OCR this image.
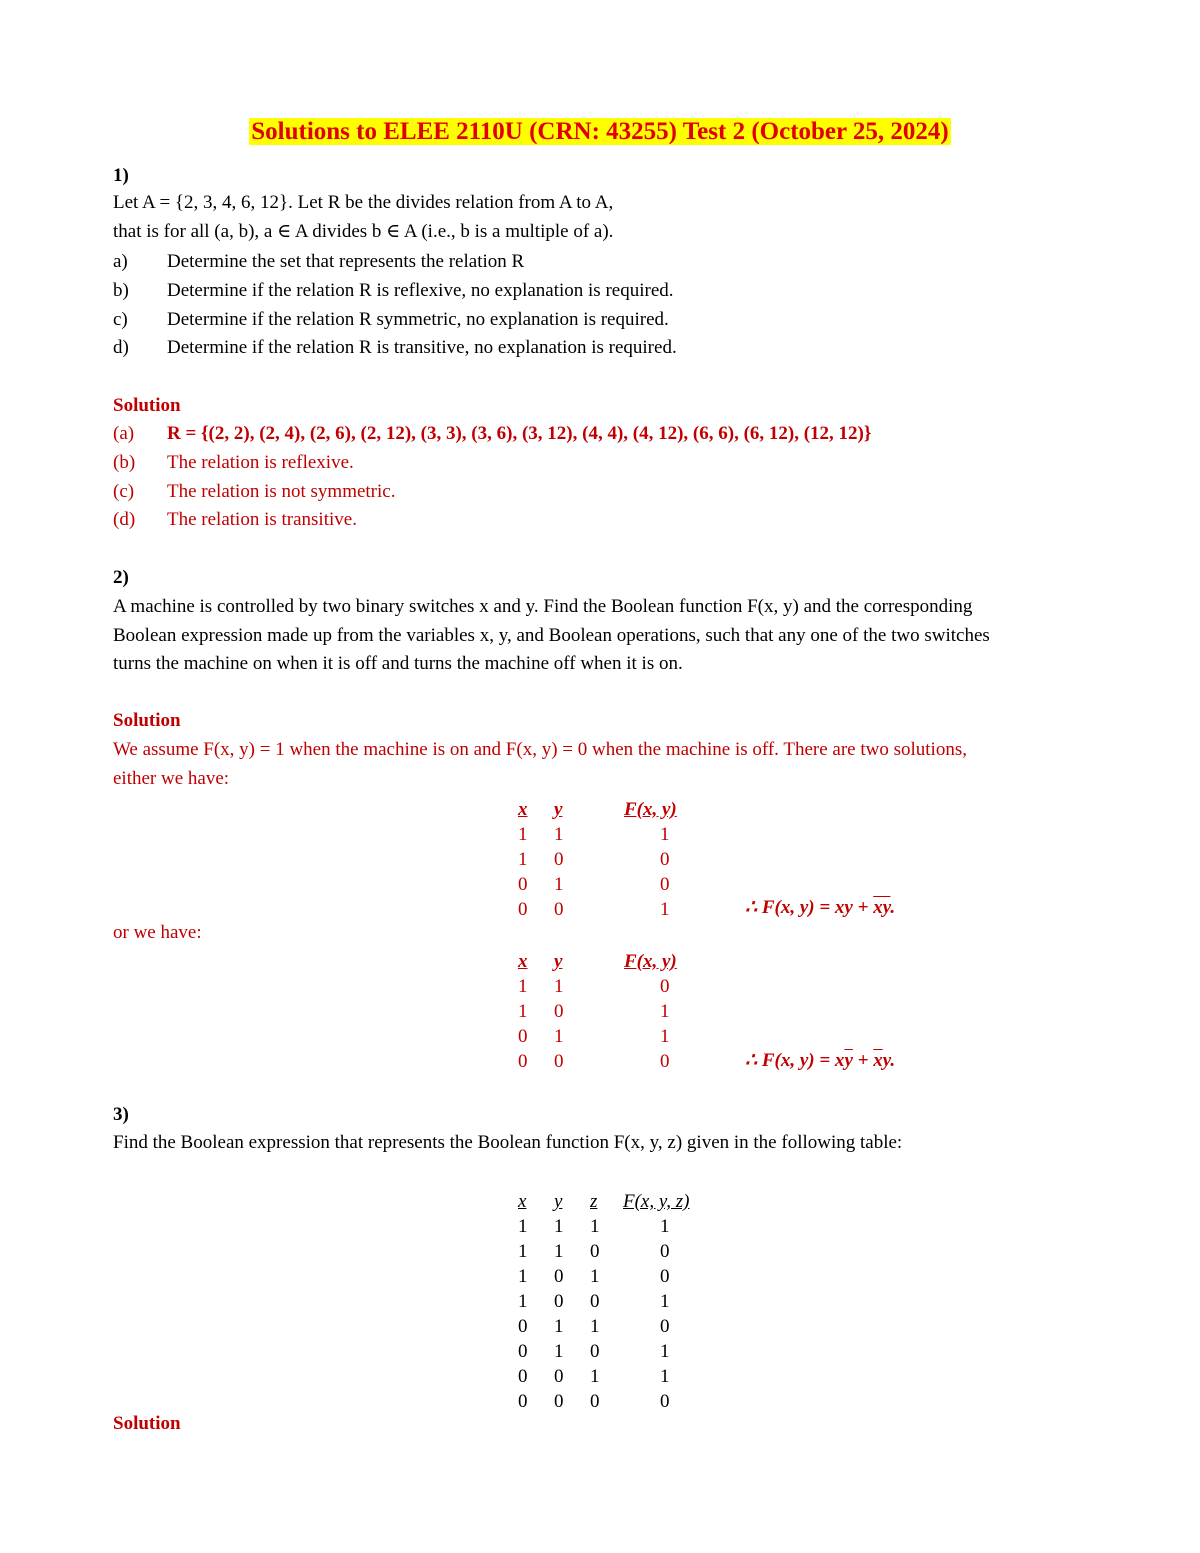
Solutions to ELEE 2110U (CRN: 43255) Test 2 (October 25, 2024)
1)
Let A = {2, 3, 4, 6, 12}. Let R be the divides relation from A to A,
that is for all (a, b), a ∈ A divides b ∈ A (i.e., b is a multiple of a).
a) Determine the set that represents the relation R
b) Determine if the relation R is reflexive, no explanation is required.
c) Determine if the relation R symmetric, no explanation is required.
d) Determine if the relation R is transitive, no explanation is required.
Solution
(a) R = {(2, 2), (2, 4), (2, 6), (2, 12), (3, 3), (3, 6), (3, 12), (4, 4), (4, 12), (6, 6), (6, 12), (12, 12)}
(b) The relation is reflexive.
(c) The relation is not symmetric.
(d) The relation is transitive.
2)
A machine is controlled by two binary switches x and y. Find the Boolean function F(x, y) and the corresponding
Boolean expression made up from the variables x, y, and Boolean operations, such that any one of the two switches
turns the machine on when it is off and turns the machine off when it is on.
Solution
We assume F(x, y) = 1 when the machine is on and F(x, y) = 0 when the machine is off. There are two solutions,
either we have:
x y	F(x, y)
1 1	1
1 0	0
0 1	0
0 0	1	∴ F(x, y) = xy + $\overline{xy}$.
or we have:
x y	F(x, y)
1 1	0
1 0	1
0 1	1
0 0	0	∴ F(x, $y) = x\overline{y} + \overline{x}y$.
3)
Find the Boolean expression that represents the Boolean function F(x, y, z) given in the following table:
x y z F(x, y, z)
1 1 1	1
1 1 0	0
1 0 1	0
1 0 0	1
0 1 1	0
0 1 0	1
0 0 1	1
0 0 0	0
Solution
